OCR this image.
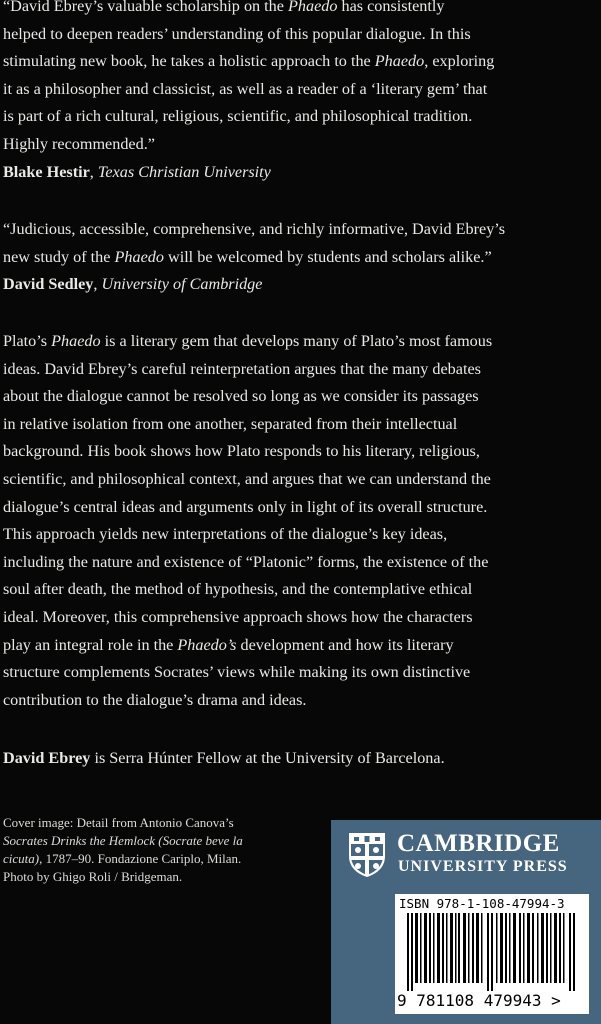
“David Ebrey’s valuable scholarship on the Phaedo has consistently

helped to deepen readers’ understanding of this popular dialogue. In this

stimulating new book, he takes a holistic approach to the Phaedo, exploring

it as a philosopher and classicist, as well as a reader of a ‘literary gem’ that

is part of a rich cultural, religious, scientific, and philosophical tradition.

Highly recommended.”

Blake Hestir, Texas Christian University

“Judicious, accessible, comprehensive, and richly informative, David Ebrey’s

new study of the Phaedo will be welcomed by students and scholars alike.”

David Sedley, University of Cambridge

Plato’s Phaedo is a literary gem that develops many of Plato’s most famous

ideas. David Ebrey’s careful reinterpretation argues that the many debates

about the dialogue cannot be resolved so long as we consider its passages

in relative isolation from one another, separated from their intellectual

background. His book shows how Plato responds to his literary, religious,

scientific, and philosophical context, and argues that we can understand the

dialogue’s central ideas and arguments only in light of its overall structure.

This approach yields new interpretations of the dialogue’s key ideas,

including the nature and existence of “Platonic” forms, the existence of the

soul after death, the method of hypothesis, and the contemplative ethical

ideal. Moreover, this comprehensive approach shows how the characters

play an integral role in the Phaedo’s development and how its literary

structure complements Socrates’ views while making its own distinctive

contribution to the dialogue’s drama and ideas.

David Ebrey is Serra Húnter Fellow at the University of Barcelona.

Cover image: Detail from Antonio Canova’s

Socrates Drinks the Hemlock (Socrate beve la

cicuta), 1787–90. Fondazione Cariplo, Milan.

Photo by Ghigo Roli / Bridgeman.

CAMBRIDGE
UNIVERSITY PRESS
ISBN 978-1-108-47994-3
9 781108 479943 >
